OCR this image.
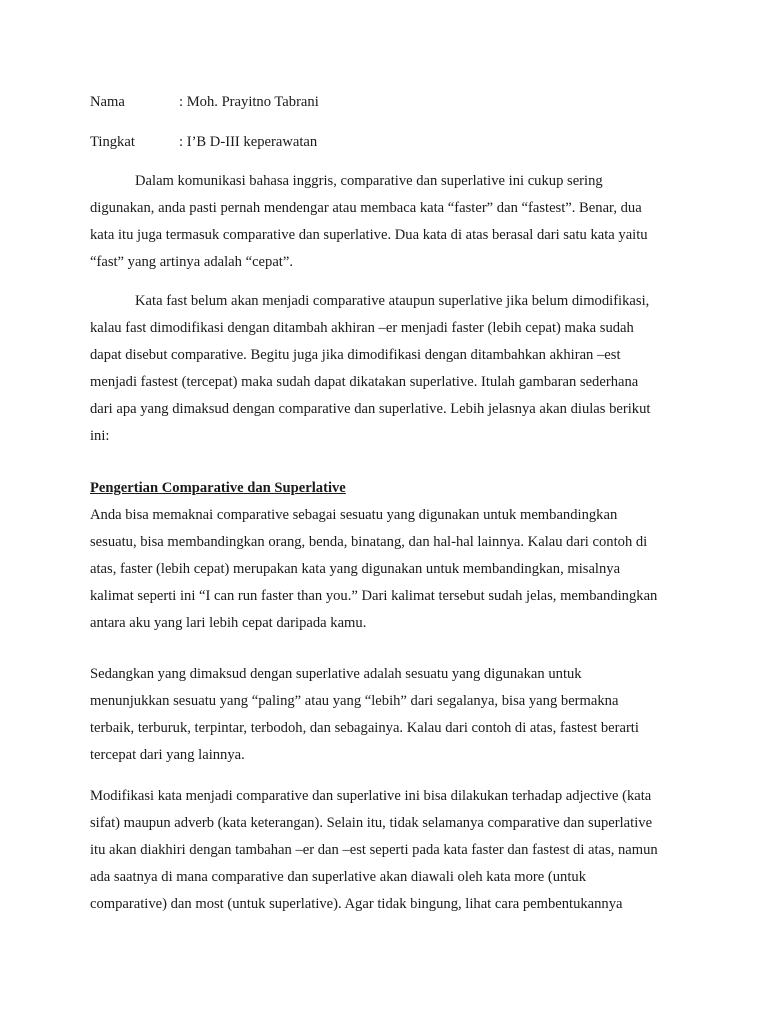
Nama	: Moh. Prayitno Tabrani
Tingkat	: I’B D-III keperawatan
Dalam komunikasi bahasa inggris, comparative dan superlative ini cukup sering
digunakan, anda pasti pernah mendengar atau membaca kata “faster” dan “fastest”. Benar, dua
kata itu juga termasuk comparative dan superlative. Dua kata di atas berasal dari satu kata yaitu
“fast” yang artinya adalah “cepat”.
Kata fast belum akan menjadi comparative ataupun superlative jika belum dimodifikasi,
kalau fast dimodifikasi dengan ditambah akhiran –er menjadi faster (lebih cepat) maka sudah
dapat disebut comparative. Begitu juga jika dimodifikasi dengan ditambahkan akhiran –est
menjadi fastest (tercepat) maka sudah dapat dikatakan superlative. Itulah gambaran sederhana
dari apa yang dimaksud dengan comparative dan superlative. Lebih jelasnya akan diulas berikut
ini:
Pengertian Comparative dan Superlative
Anda bisa memaknai comparative sebagai sesuatu yang digunakan untuk membandingkan
sesuatu, bisa membandingkan orang, benda, binatang, dan hal-hal lainnya. Kalau dari contoh di
atas, faster (lebih cepat) merupakan kata yang digunakan untuk membandingkan, misalnya
kalimat seperti ini “I can run faster than you.” Dari kalimat tersebut sudah jelas, membandingkan
antara aku yang lari lebih cepat daripada kamu.
Sedangkan yang dimaksud dengan superlative adalah sesuatu yang digunakan untuk
menunjukkan sesuatu yang “paling” atau yang “lebih” dari segalanya, bisa yang bermakna
terbaik, terburuk, terpintar, terbodoh, dan sebagainya. Kalau dari contoh di atas, fastest berarti
tercepat dari yang lainnya.
Modifikasi kata menjadi comparative dan superlative ini bisa dilakukan terhadap adjective (kata
sifat) maupun adverb (kata keterangan). Selain itu, tidak selamanya comparative dan superlative
itu akan diakhiri dengan tambahan –er dan –est seperti pada kata faster dan fastest di atas, namun
ada saatnya di mana comparative dan superlative akan diawali oleh kata more (untuk
comparative) dan most (untuk superlative). Agar tidak bingung, lihat cara pembentukannya
